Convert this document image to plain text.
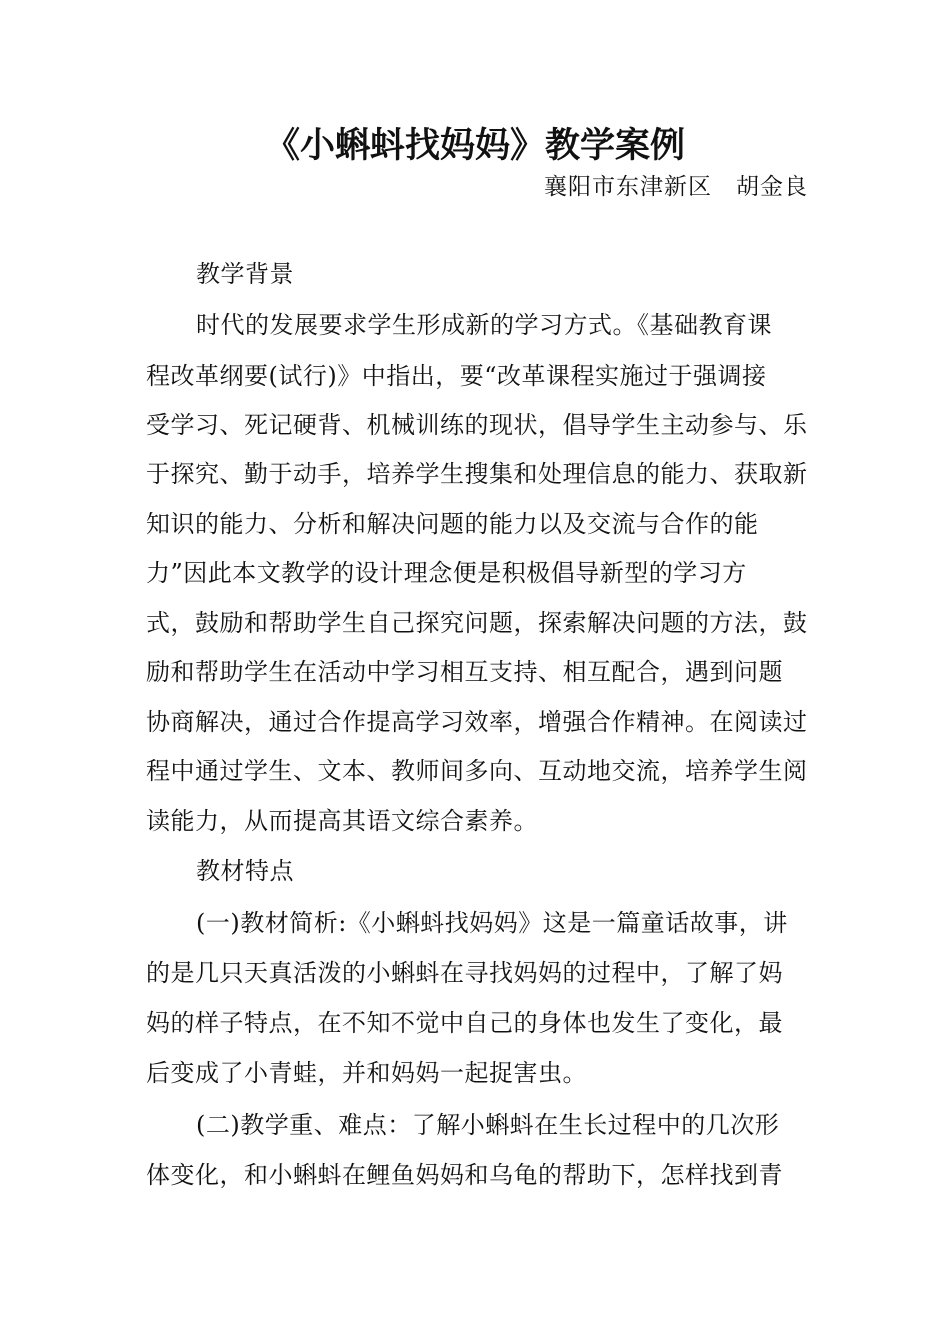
《小蝌蚪找妈妈》教学案例
襄阳市东津新区　胡金良
教学背景
时代的发展要求学生形成新的学习方式。《基础教育课
程改革纲要(试行)》中指出，要“改革课程实施过于强调接
受学习、死记硬背、机械训练的现状，倡导学生主动参与、乐
于探究、勤于动手，培养学生搜集和处理信息的能力、获取新
知识的能力、分析和解决问题的能力以及交流与合作的能
力”因此本文教学的设计理念便是积极倡导新型的学习方
式，鼓励和帮助学生自己探究问题，探索解决问题的方法，鼓
励和帮助学生在活动中学习相互支持、相互配合，遇到问题
协商解决，通过合作提高学习效率，增强合作精神。在阅读过
程中通过学生、文本、教师间多向、互动地交流，培养学生阅
读能力，从而提高其语文综合素养。
教材特点
(一)教材简析:《小蝌蚪找妈妈》这是一篇童话故事，讲
的是几只天真活泼的小蝌蚪在寻找妈妈的过程中，了解了妈
妈的样子特点，在不知不觉中自己的身体也发生了变化，最
后变成了小青蛙，并和妈妈一起捉害虫。
(二)教学重、难点：了解小蝌蚪在生长过程中的几次形
体变化，和小蝌蚪在鲤鱼妈妈和乌龟的帮助下，怎样找到青
